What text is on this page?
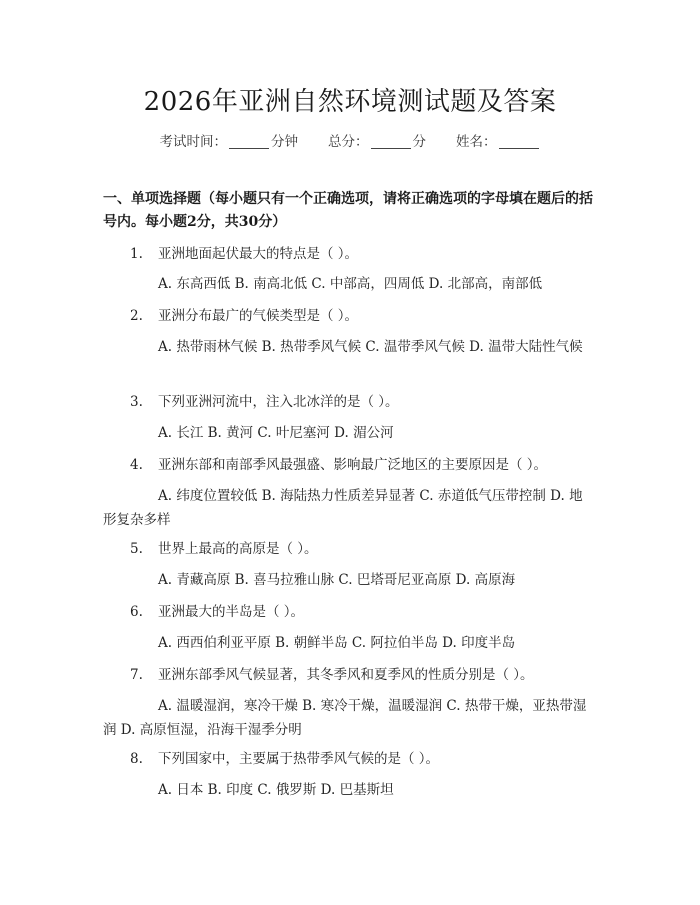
2026年亚洲自然环境测试题及答案
考试时间：	分钟 总分：	分 姓名：
一、单项选择题（每小题只有一个正确选项，请将正确选项的字母填在题后的括号内。每小题2分，共30分）
1. 亚洲地面起伏最大的特点是（ ）。
A. 东高西低 B. 南高北低 C. 中部高，四周低 D. 北部高，南部低
2. 亚洲分布最广的气候类型是（ ）。
A. 热带雨林气候 B. 热带季风气候 C. 温带季风气候 D. 温带大陆性气候
3. 下列亚洲河流中，注入北冰洋的是（ ）。
A. 长江 B. 黄河 C. 叶尼塞河 D. 湄公河
4. 亚洲东部和南部季风最强盛、影响最广泛地区的主要原因是（ ）。
A. 纬度位置较低 B. 海陆热力性质差异显著 C. 赤道低气压带控制 D. 地形复杂多样
5. 世界上最高的高原是（ ）。
A. 青藏高原 B. 喜马拉雅山脉 C. 巴塔哥尼亚高原 D. 高原海
6. 亚洲最大的半岛是（ ）。
A. 西西伯利亚平原 B. 朝鲜半岛 C. 阿拉伯半岛 D. 印度半岛
7. 亚洲东部季风气候显著，其冬季风和夏季风的性质分别是（ ）。
A. 温暖湿润，寒冷干燥 B. 寒冷干燥，温暖湿润 C. 热带干燥，亚热带湿润 D. 高原恒湿，沿海干湿季分明
8. 下列国家中，主要属于热带季风气候的是（ ）。
A. 日本 B. 印度 C. 俄罗斯 D. 巴基斯坦
